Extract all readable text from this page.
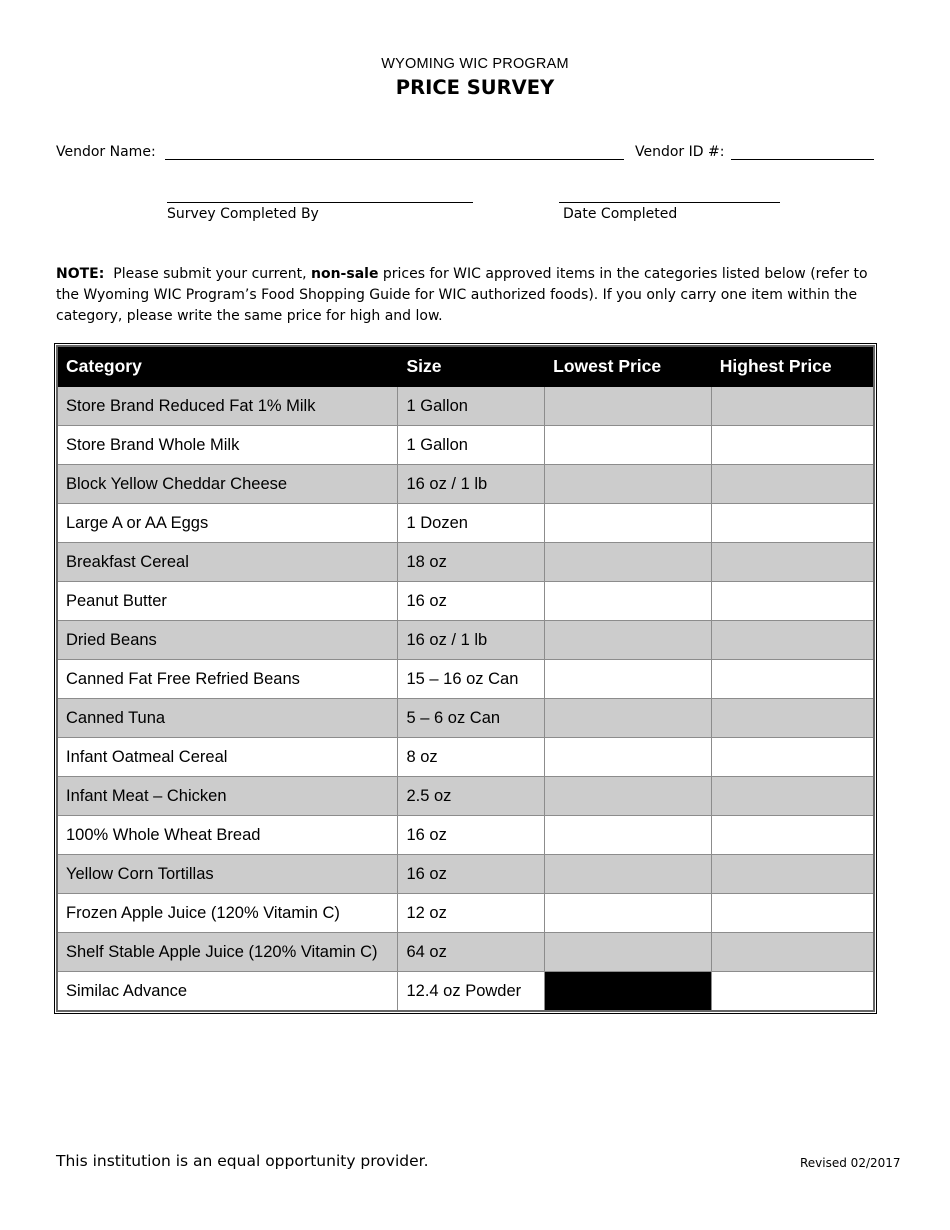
WYOMING WIC PROGRAM
PRICE SURVEY
Vendor Name:	Vendor ID #:
Survey Completed By	Date Completed
NOTE: Please submit your current, non-sale prices for WIC approved items in the categories listed below (refer to the Wyoming WIC Program’s Food Shopping Guide for WIC authorized foods). If you only carry one item within the category, please write the same price for high and low.
Category	Size	Lowest Price	Highest Price
Store Brand Reduced Fat 1% Milk	1 Gallon		
Store Brand Whole Milk	1 Gallon		
Block Yellow Cheddar Cheese	16 oz / 1 lb		
Large A or AA Eggs	1 Dozen		
Breakfast Cereal	18 oz		
Peanut Butter	16 oz		
Dried Beans	16 oz / 1 lb		
Canned Fat Free Refried Beans	15 – 16 oz Can		
Canned Tuna	5 – 6 oz Can		
Infant Oatmeal Cereal	8 oz		
Infant Meat – Chicken	2.5 oz		
100% Whole Wheat Bread	16 oz		
Yellow Corn Tortillas	16 oz		
Frozen Apple Juice (120% Vitamin C)	12 oz		
Shelf Stable Apple Juice (120% Vitamin C)	64 oz		
Similac Advance	12.4 oz Powder		
This institution is an equal opportunity provider.	Revised 02/2017
